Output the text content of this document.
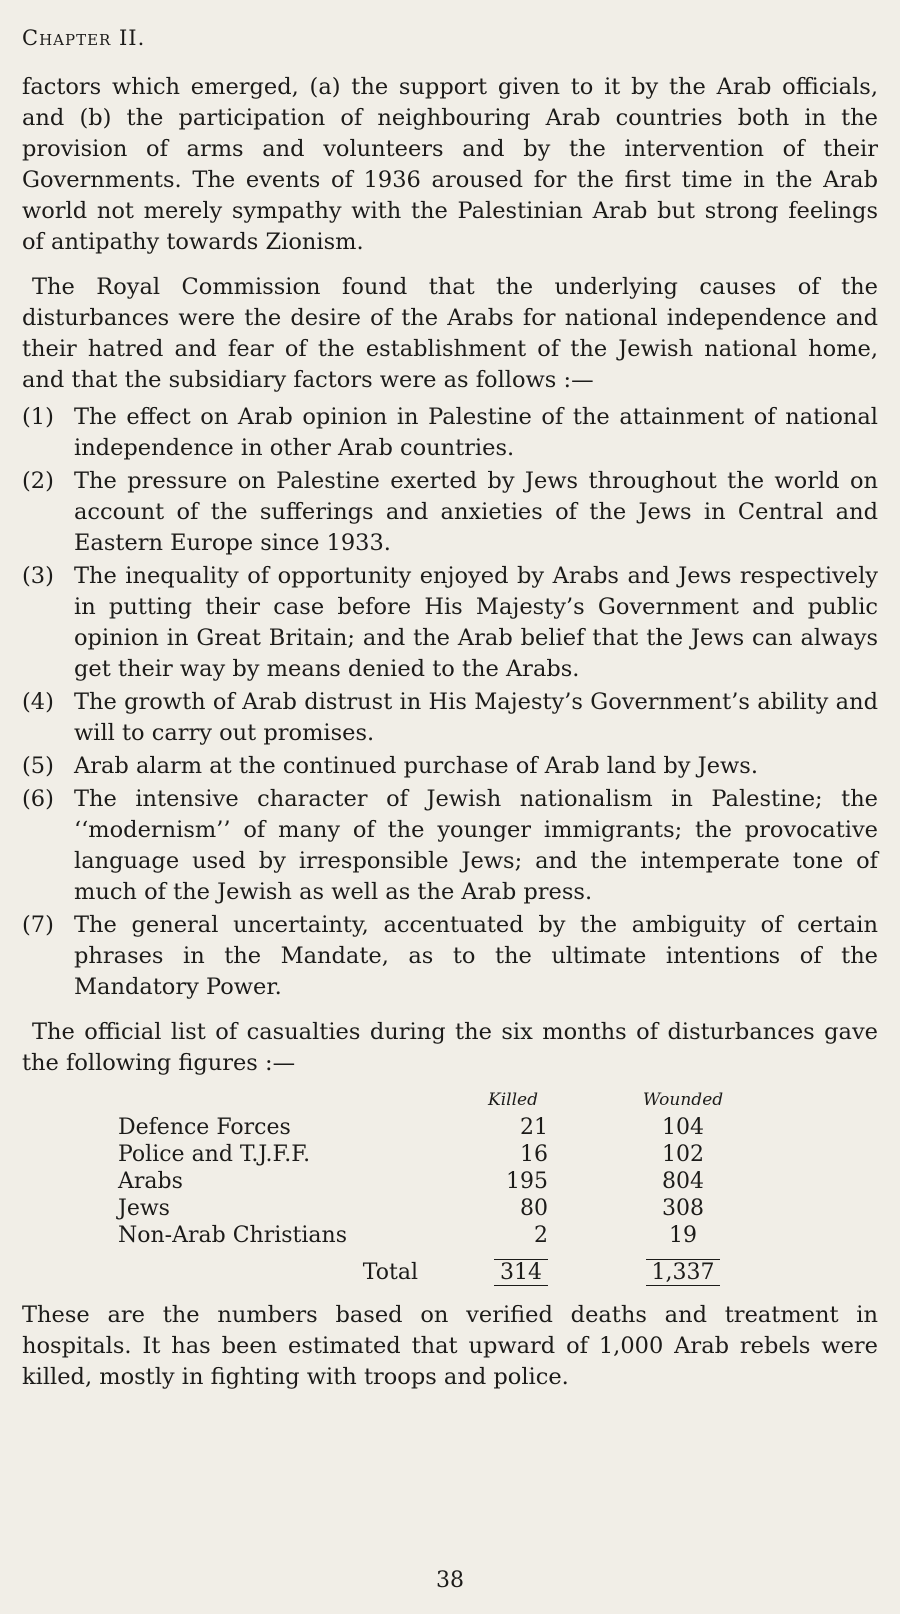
Chapter II.

factors which emerged, (a) the support given to it by the Arab officials, and (b) the participation of neighbouring Arab countries both in the provision of arms and volunteers and by the intervention of their Governments. The events of 1936 aroused for the first time in the Arab world not merely sympathy with the Palestinian Arab but strong feelings of antipathy towards Zionism.

The Royal Commission found that the underlying causes of the disturbances were the desire of the Arabs for national independence and their hatred and fear of the establishment of the Jewish national home, and that the subsidiary factors were as follows :—

(1) The effect on Arab opinion in Palestine of the attainment of national independence in other Arab countries.
(2) The pressure on Palestine exerted by Jews throughout the world on account of the sufferings and anxieties of the Jews in Central and Eastern Europe since 1933.
(3) The inequality of opportunity enjoyed by Arabs and Jews respectively in putting their case before His Majesty’s Government and public opinion in Great Britain; and the Arab belief that the Jews can always get their way by means denied to the Arabs.
(4) The growth of Arab distrust in His Majesty’s Government’s ability and will to carry out promises.
(5) Arab alarm at the continued purchase of Arab land by Jews.
(6) The intensive character of Jewish nationalism in Palestine; the ‘‘modernism’’ of many of the younger immigrants; the provocative language used by irresponsible Jews; and the intemperate tone of much of the Jewish as well as the Arab press.
(7) The general uncertainty, accentuated by the ambiguity of certain phrases in the Mandate, as to the ultimate intentions of the Mandatory Power.

The official list of casualties during the six months of disturbances gave the following figures :—

	Killed	Wounded
Defence Forces	21	104
Police and T.J.F.F.	16	102
Arabs	195	804
Jews	80	308
Non-Arab Christians	2	19
Total	314	1,337

These are the numbers based on verified deaths and treatment in hospitals. It has been estimated that upward of 1,000 Arab rebels were killed, mostly in fighting with troops and police.

38
